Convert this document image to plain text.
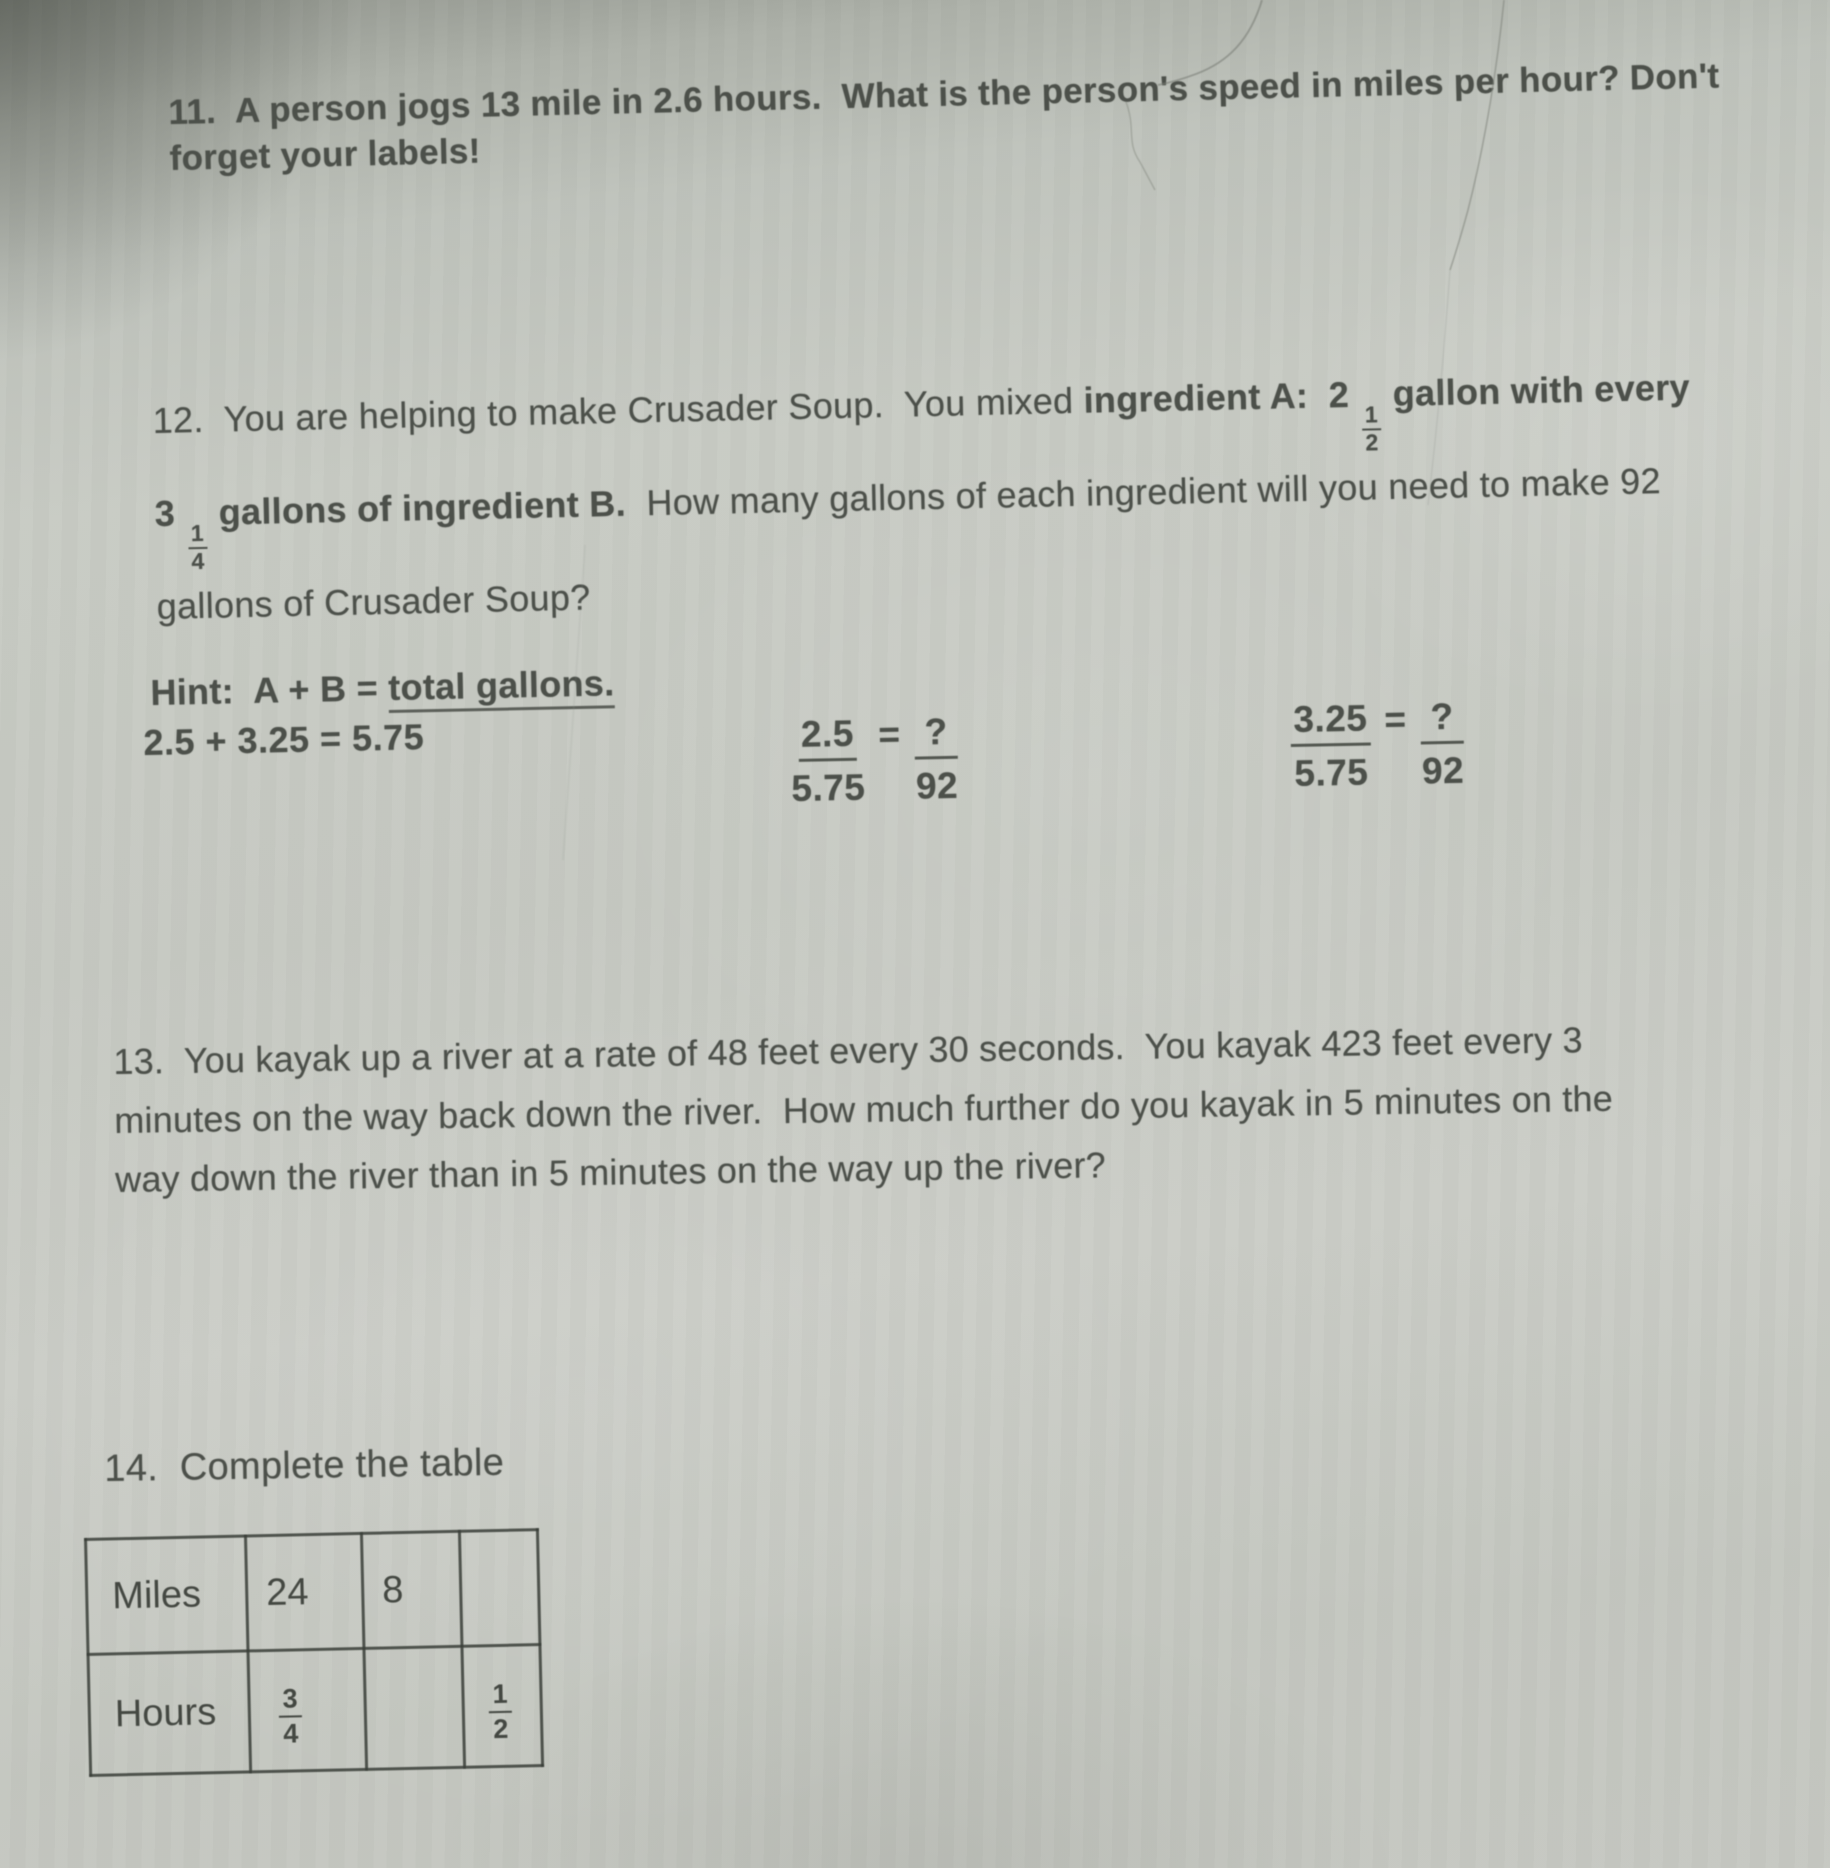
11.  A person jogs 13 mile in 2.6 hours.  What is the person's speed in miles per hour? Don't
forget your labels!
12.  You are helping to make Crusader Soup.  You mixed ingredient A:  2
$\frac{1}{2}$
gallon with every
3
$\frac{1}{4}$
gallons of ingredient B.  How many gallons of each ingredient will you need to make 92
gallons of Crusader Soup?
Hint:  A + B = total gallons.
2.5 + 3.25 = 5.75	$\frac{2.5}{5.75}$ = ?
92	$\frac{3.25}{5.75}$ = ?
92
13.  You kayak up a river at a rate of 48 feet every 30 seconds.  You kayak 423 feet every 3
minutes on the way back down the river.  How much further do you kayak in 5 minutes on the
way down the river than in 5 minutes on the way up the river?
14.  Complete the table
Miles	24	8	
Hours	$\frac{3}{4}$		$\frac{1}{2}$
